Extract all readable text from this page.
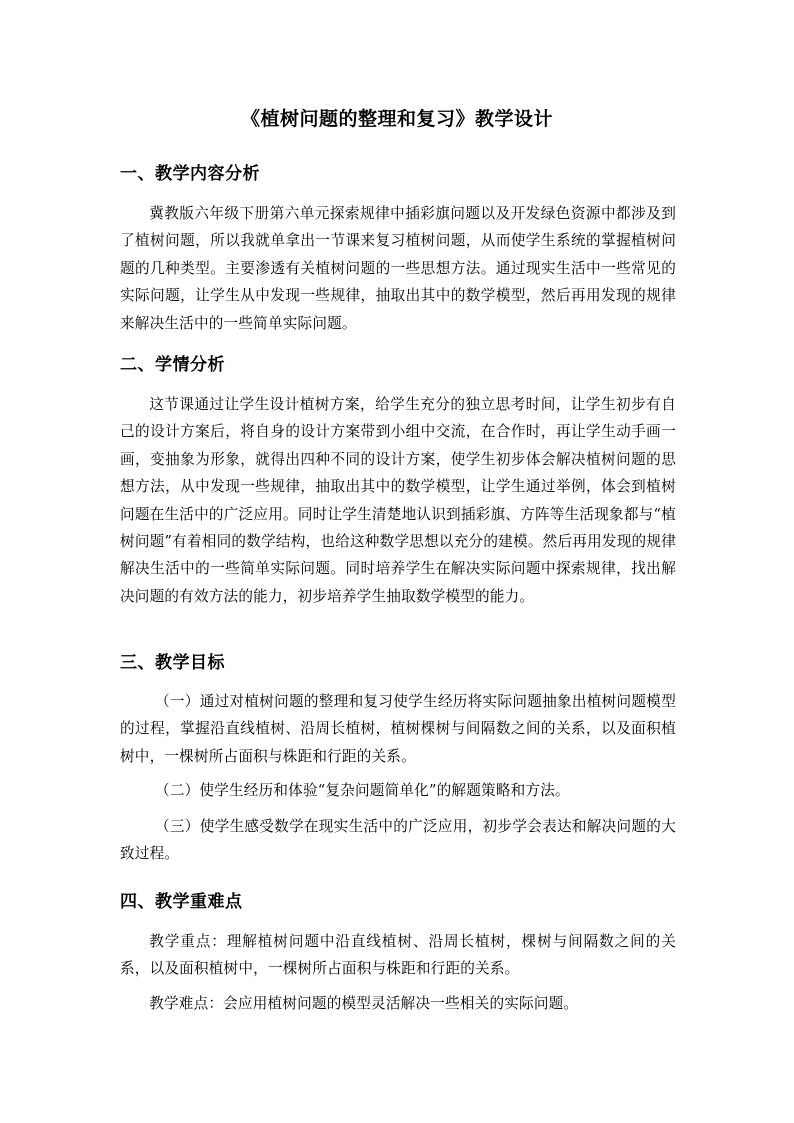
《植树问题的整理和复习》教学设计
一、教学内容分析

冀教版六年级下册第六单元探索规律中插彩旗问题以及开发绿色资源中都涉及到了植树问题，所以我就单拿出一节课来复习植树问题，从而使学生系统的掌握植树问题的几种类型。主要渗透有关植树问题的一些思想方法。通过现实生活中一些常见的实际问题，让学生从中发现一些规律，抽取出其中的数学模型，然后再用发现的规律来解决生活中的一些简单实际问题。

二、学情分析

这节课通过让学生设计植树方案，给学生充分的独立思考时间，让学生初步有自己的设计方案后，将自身的设计方案带到小组中交流，在合作时，再让学生动手画一画，变抽象为形象，就得出四种不同的设计方案，使学生初步体会解决植树问题的思想方法，从中发现一些规律，抽取出其中的数学模型，让学生通过举例，体会到植树问题在生活中的广泛应用。同时让学生清楚地认识到插彩旗、方阵等生活现象都与“植树问题”有着相同的数学结构，也给这种数学思想以充分的建模。然后再用发现的规律解决生活中的一些简单实际问题。同时培养学生在解决实际问题中探索规律，找出解决问题的有效方法的能力，初步培养学生抽取数学模型的能力。

三、教学目标

（一）通过对植树问题的整理和复习使学生经历将实际问题抽象出植树问题模型的过程，掌握沿直线植树、沿周长植树，植树棵树与间隔数之间的关系，以及面积植树中，一棵树所占面积与株距和行距的关系。

（二）使学生经历和体验“复杂问题简单化”的解题策略和方法。

（三）使学生感受数学在现实生活中的广泛应用，初步学会表达和解决问题的大致过程。

四、教学重难点

教学重点：理解植树问题中沿直线植树、沿周长植树，棵树与间隔数之间的关系，以及面积植树中，一棵树所占面积与株距和行距的关系。

教学难点：会应用植树问题的模型灵活解决一些相关的实际问题。
